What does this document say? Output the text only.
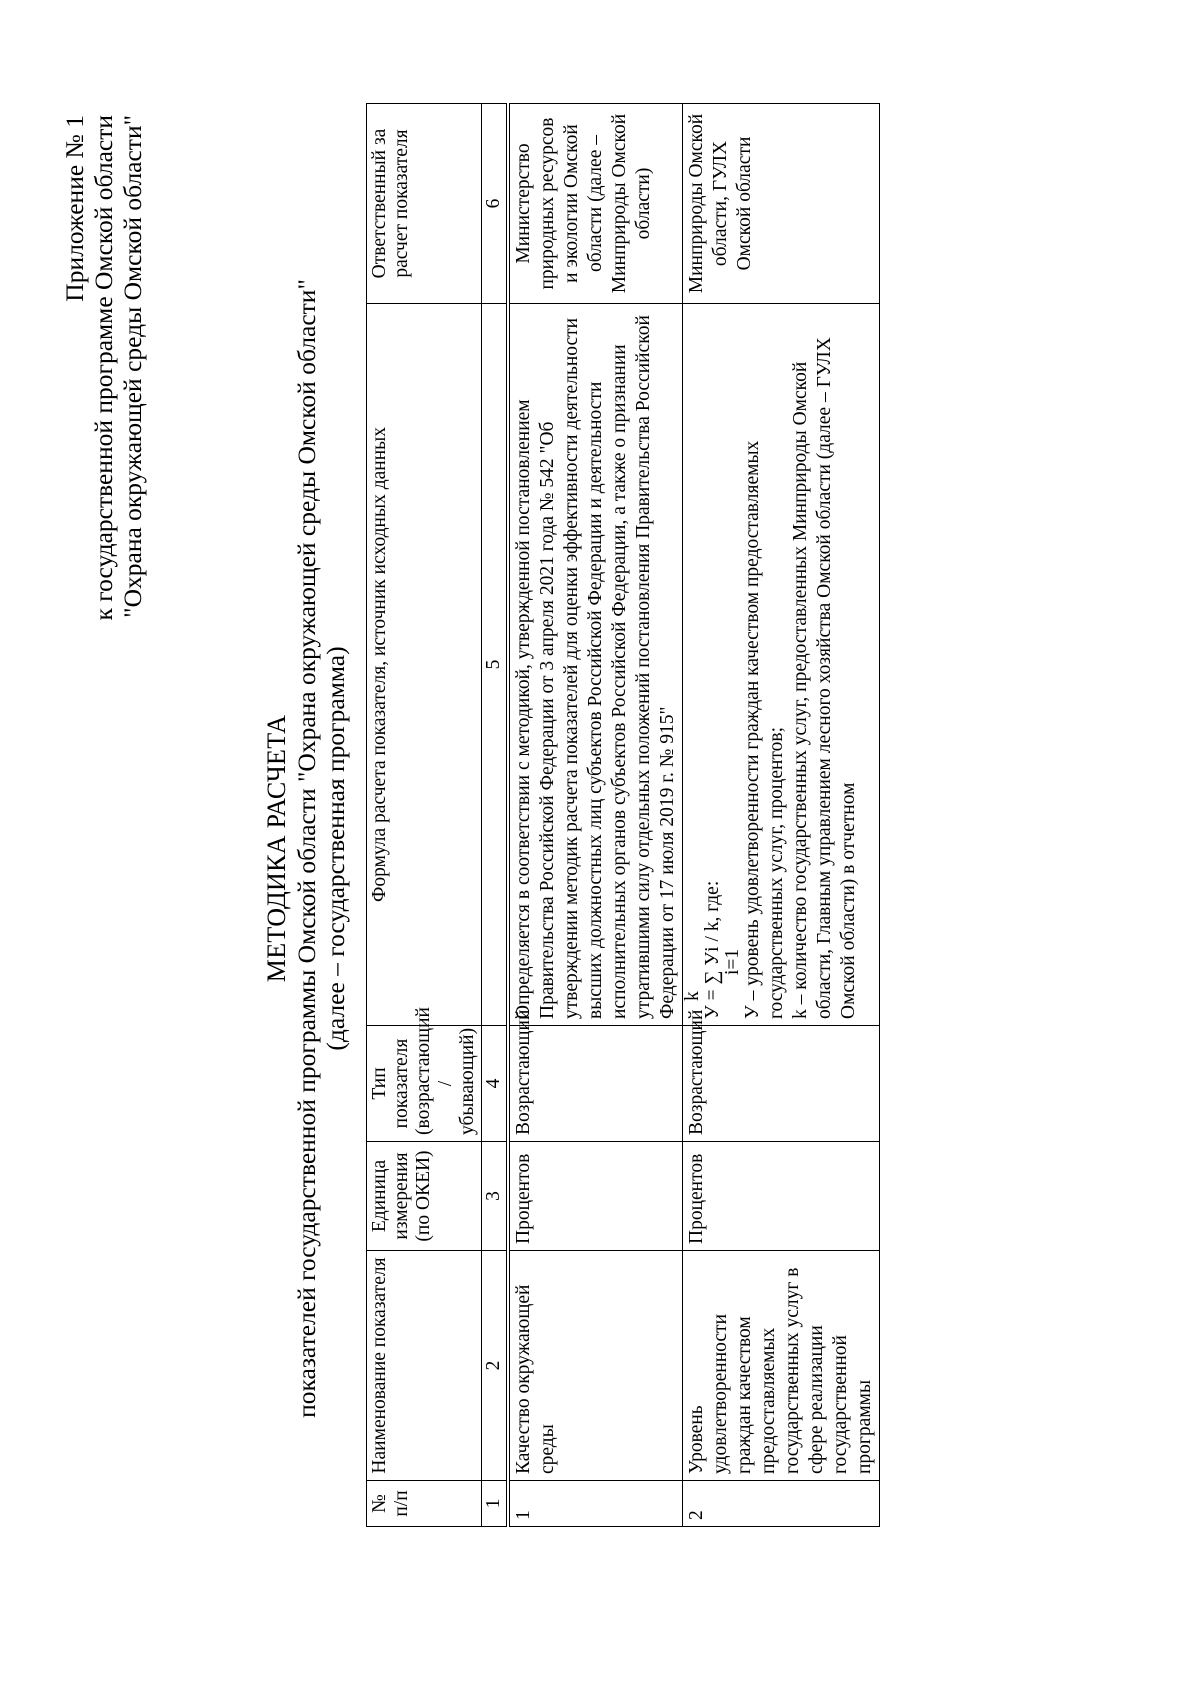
Приложение № 1 к государственной программе Омской области "Охрана окружающей среды Омской области"
МЕТОДИКА РАСЧЕТА показателей государственной программы Омской области "Охрана окружающей среды Омской области" (далее – государственная программа)
№ п/п	Наименование показателя	Единица измерения (по ОКЕИ)	Тип показателя (возрастающий / убывающий)	Формула расчета показателя, источник исходных данных	Ответственный за расчет показателя
1	2	3	4	5	6
1	Качество окружающей среды	Процентов	Возрастающий	Определяется в соответствии с методикой, утвержденной постановлением Правительства Российской Федерации от 3 апреля 2021 года № 542 "Об утверждении методик расчета показателей для оценки эффективности деятельности высших должностных лиц субъектов Российской Федерации и деятельности исполнительных органов субъектов Российской Федерации, а также о признании утратившими силу отдельных положений постановления Правительства Российской Федерации от 17 июля 2019 г. № 915"	Министерство природных ресурсов и экологии Омской области (далее – Минприроды Омской области)
2	Уровень удовлетворенности граждан качеством предоставляемых государственных услуг в сфере реализации государственной программы	Процентов	Возрастающий	k У = ∑ Уi / k, где: i=1 У – уровень удовлетворенности граждан качеством предоставляемых государственных услуг, процентов; k – количество государственных услуг, предоставленных Минприроды Омской области, Главным управлением лесного хозяйства Омской области (далее – ГУЛХ Омской области) в отчетном	Минприроды Омской области, ГУЛХ Омской области
